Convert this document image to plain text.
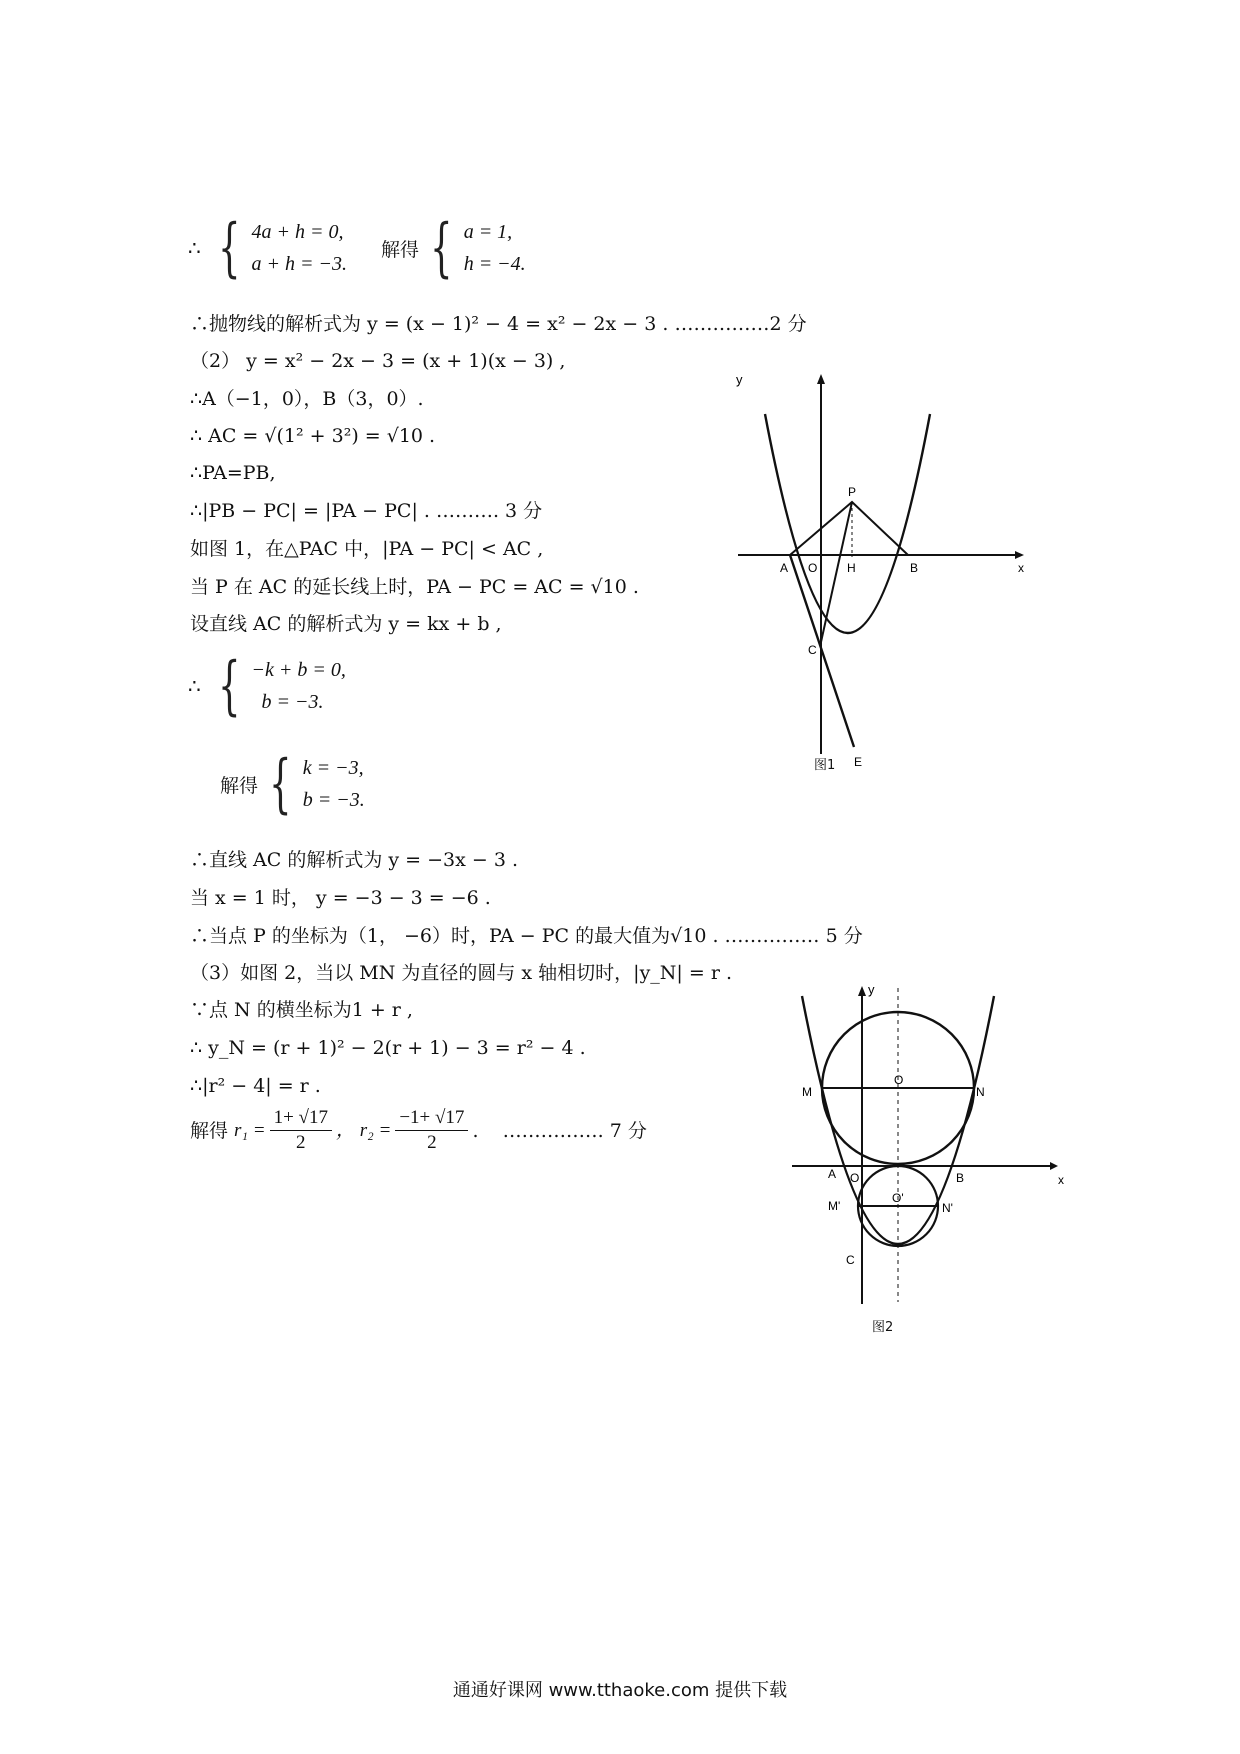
∴ { 4a + h = 0,
a + h = −3.
解得 { a = 1,
h = −4.
∴抛物线的解析式为 y = (x − 1)² − 4 = x² − 2x − 3 . ……………2 分
（2） y = x² − 2x − 3 = (x + 1)(x − 3) ,
∴A（−1，0），B（3，0）.
∴ AC = √(1² + 3²) = √10 .
∴PA=PB,
∴|PB − PC| = |PA − PC| . ………. 3 分
如图 1，在△PAC 中，|PA − PC| < AC ,
当 P 在 AC 的延长线上时，PA − PC = AC = √10 .
设直线 AC 的解析式为 y = kx + b ,
∴ { −k + b = 0,
b = −3.
解得 { k = −3,
b = −3.
∴直线 AC 的解析式为 y = −3x − 3 .
当 x = 1 时， y = −3 − 3 = −6 .
∴当点 P 的坐标为（1， −6）时，PA − PC 的最大值为√10 . …………… 5 分
（3）如图 2，当以 MN 为直径的圆与 x 轴相切时，|y_N| = r .
∵点 N 的横坐标为1 + r ,
∴ y_N = (r + 1)² − 2(r + 1) − 3 = r² − 4 .
∴|r² − 4| = r .
解得 $r_1 = \frac{1+ √17}{2}$ ， $r_2 = \frac{-1+ √17}{2}$ .    ……………. 7 分
y
x
A O H	B
P
C
E
图1
y
x
M	N
O
A O	B
M'
O'
N'
C
图2
通通好课网 www.tthaoke.com 提供下载
